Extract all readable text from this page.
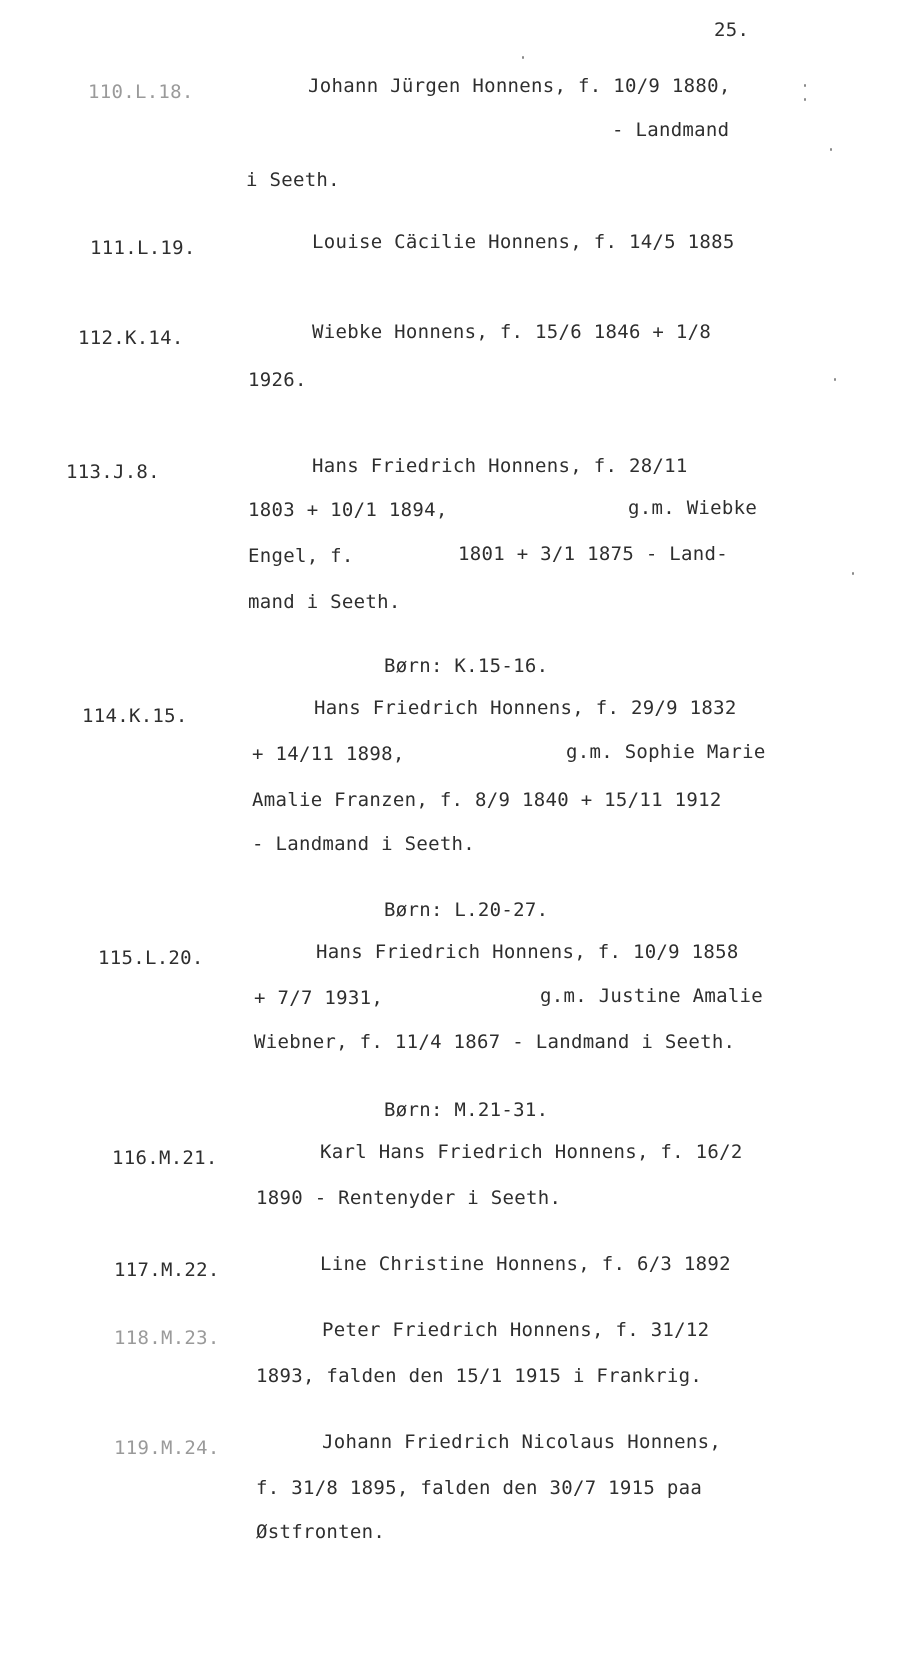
25.
110.L.18.	Johann Jürgen Honnens, f. 10/9 1880,
- Landmand
i Seeth.
111.L.19.	Louise Cäcilie Honnens, f. 14/5 1885
112.K.14.	Wiebke Honnens, f. 15/6 1846 + 1/8
1926.
113.J.8.	Hans Friedrich Honnens, f. 28/11
1803 + 10/1 1894,	g.m. Wiebke
Engel, f.	1801 + 3/1 1875 - Land-
mand i Seeth.
Børn: K.15-16.
114.K.15.	Hans Friedrich Honnens, f. 29/9 1832
+ 14/11 1898,	g.m. Sophie Marie
Amalie Franzen, f. 8/9 1840 + 15/11 1912
- Landmand i Seeth.
Børn: L.20-27.
115.L.20.	Hans Friedrich Honnens, f. 10/9 1858
+ 7/7 1931,	g.m. Justine Amalie
Wiebner, f. 11/4 1867 - Landmand i Seeth.
Børn: M.21-31.
116.M.21.	Karl Hans Friedrich Honnens, f. 16/2
1890 - Rentenyder i Seeth.
117.M.22.	Line Christine Honnens, f. 6/3 1892
118.M.23.	Peter Friedrich Honnens, f. 31/12
1893, falden den 15/1 1915 i Frankrig.
119.M.24.	Johann Friedrich Nicolaus Honnens,
f. 31/8 1895, falden den 30/7 1915 paa
Østfronten.
